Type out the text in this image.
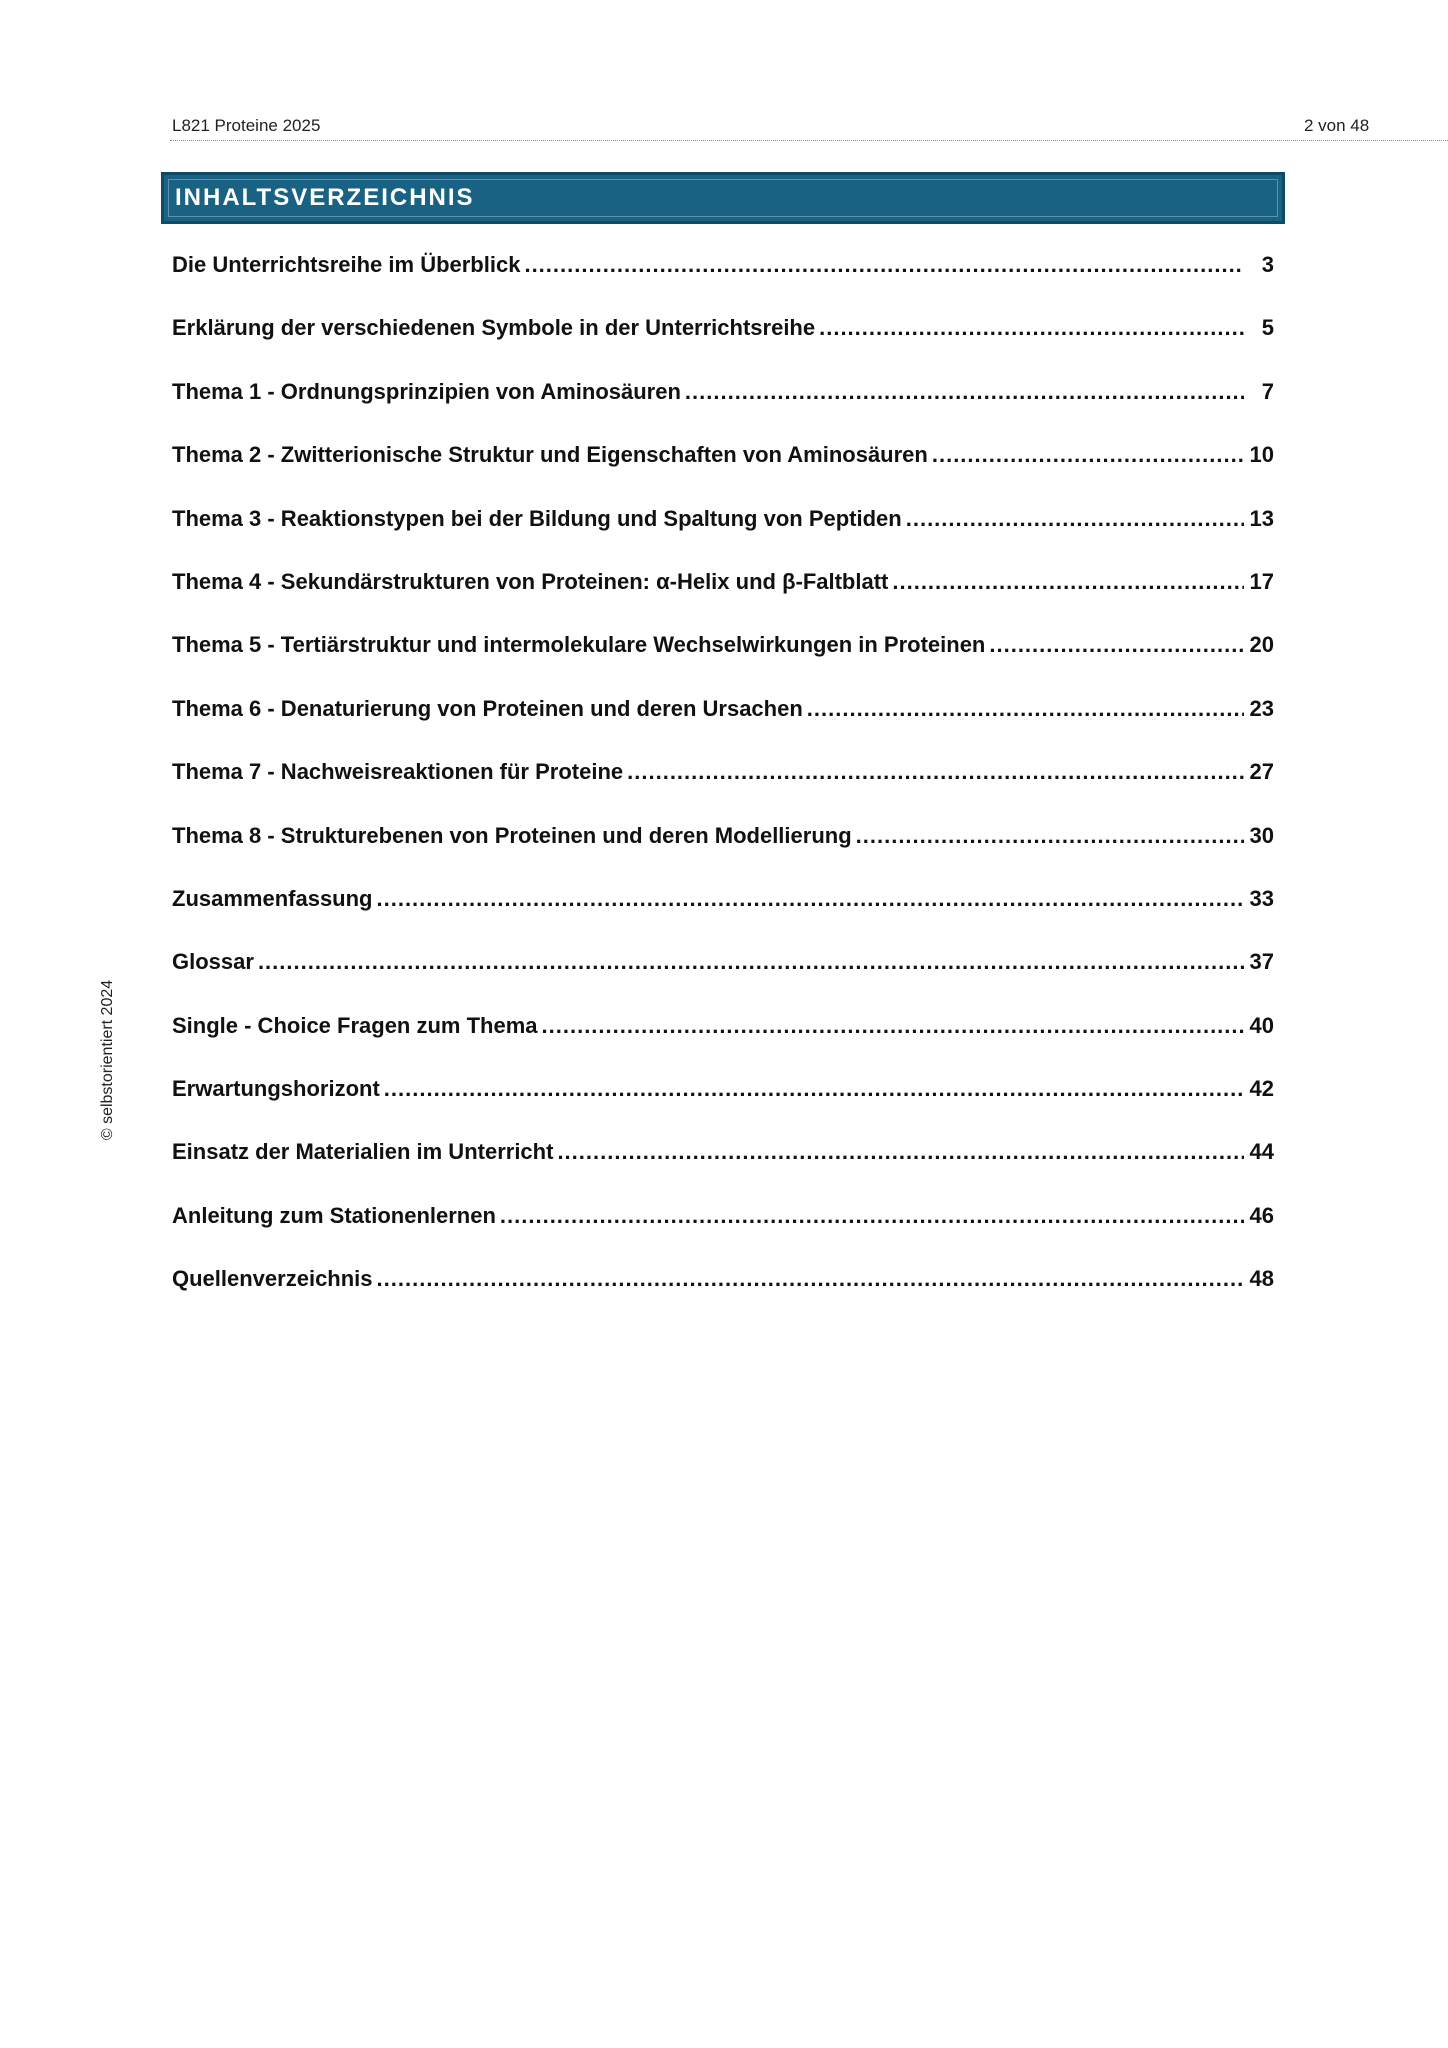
L821 Proteine 2025	2 von 48
INHALTSVERZEICHNIS
Die Unterrichtsreihe im Überblick .....	3
Erklärung der verschiedenen Symbole in der Unterrichtsreihe .....	5
Thema 1 - Ordnungsprinzipien von Aminosäuren .....	7
Thema 2 - Zwitterionische Struktur und Eigenschaften von Aminosäuren .....	10
Thema 3 - Reaktionstypen bei der Bildung und Spaltung von Peptiden .....	13
Thema 4 - Sekundärstrukturen von Proteinen: α-Helix und β-Faltblatt .....	17
Thema 5 - Tertiärstruktur und intermolekulare Wechselwirkungen in Proteinen .....	20
Thema 6 - Denaturierung von Proteinen und deren Ursachen .....	23
Thema 7 - Nachweisreaktionen für Proteine .....	27
Thema 8 - Strukturebenen von Proteinen und deren Modellierung .....	30
Zusammenfassung .....	33
Glossar .....	37
Single - Choice Fragen zum Thema .....	40
Erwartungshorizont .....	42
Einsatz der Materialien im Unterricht .....	44
Anleitung zum Stationenlernen .....	46
Quellenverzeichnis .....	48
© selbstorientiert 2024
